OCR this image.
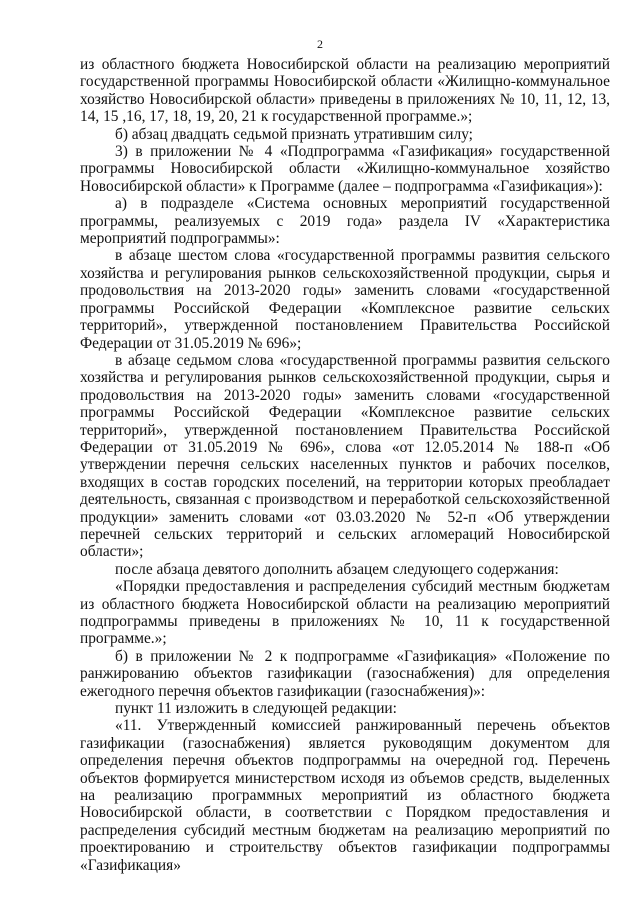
2

из областного бюджета Новосибирской области на реализацию мероприятий государственной программы Новосибирской области «Жилищно-коммунальное хозяйство Новосибирской области» приведены в приложениях № 10, 11, 12, 13, 14, 15 ,16, 17, 18, 19, 20, 21 к государственной программе.»;

б) абзац двадцать седьмой признать утратившим силу;

3) в приложении № 4 «Подпрограмма «Газификация» государственной программы Новосибирской области «Жилищно-коммунальное хозяйство Новосибирской области» к Программе (далее – подпрограмма «Газификация»):

а) в подразделе «Система основных мероприятий государственной программы, реализуемых с 2019 года» раздела IV «Характеристика мероприятий подпрограммы»:

в абзаце шестом слова «государственной программы развития сельского хозяйства и регулирования рынков сельскохозяйственной продукции, сырья и продовольствия на 2013-2020 годы» заменить словами «государственной программы Российской Федерации «Комплексное развитие сельских территорий», утвержденной постановлением Правительства Российской Федерации от 31.05.2019 № 696»;

в абзаце седьмом слова «государственной программы развития сельского хозяйства и регулирования рынков сельскохозяйственной продукции, сырья и продовольствия на 2013-2020 годы» заменить словами «государственной программы Российской Федерации «Комплексное развитие сельских территорий», утвержденной постановлением Правительства Российской Федерации от 31.05.2019 № 696», слова «от 12.05.2014 № 188-п «Об утверждении перечня сельских населенных пунктов и рабочих поселков, входящих в состав городских поселений, на территории которых преобладает деятельность, связанная с производством и переработкой сельскохозяйственной продукции» заменить словами «от 03.03.2020 № 52-п «Об утверждении перечней сельских территорий и сельских агломераций Новосибирской области»;

после абзаца девятого дополнить абзацем следующего содержания:

«Порядки предоставления и распределения субсидий местным бюджетам из областного бюджета Новосибирской области на реализацию мероприятий подпрограммы приведены в приложениях № 10, 11 к государственной программе.»;

б) в приложении № 2 к подпрограмме «Газификация» «Положение по ранжированию объектов газификации (газоснабжения) для определения ежегодного перечня объектов газификации (газоснабжения)»:

пункт 11 изложить в следующей редакции:

«11. Утвержденный комиссией ранжированный перечень объектов газификации (газоснабжения) является руководящим документом для определения перечня объектов подпрограммы на очередной год. Перечень объектов формируется министерством исходя из объемов средств, выделенных на реализацию программных мероприятий из областного бюджета Новосибирской области, в соответствии с Порядком предоставления и распределения субсидий местным бюджетам на реализацию мероприятий по проектированию и строительству объектов газификации подпрограммы «Газификация»
